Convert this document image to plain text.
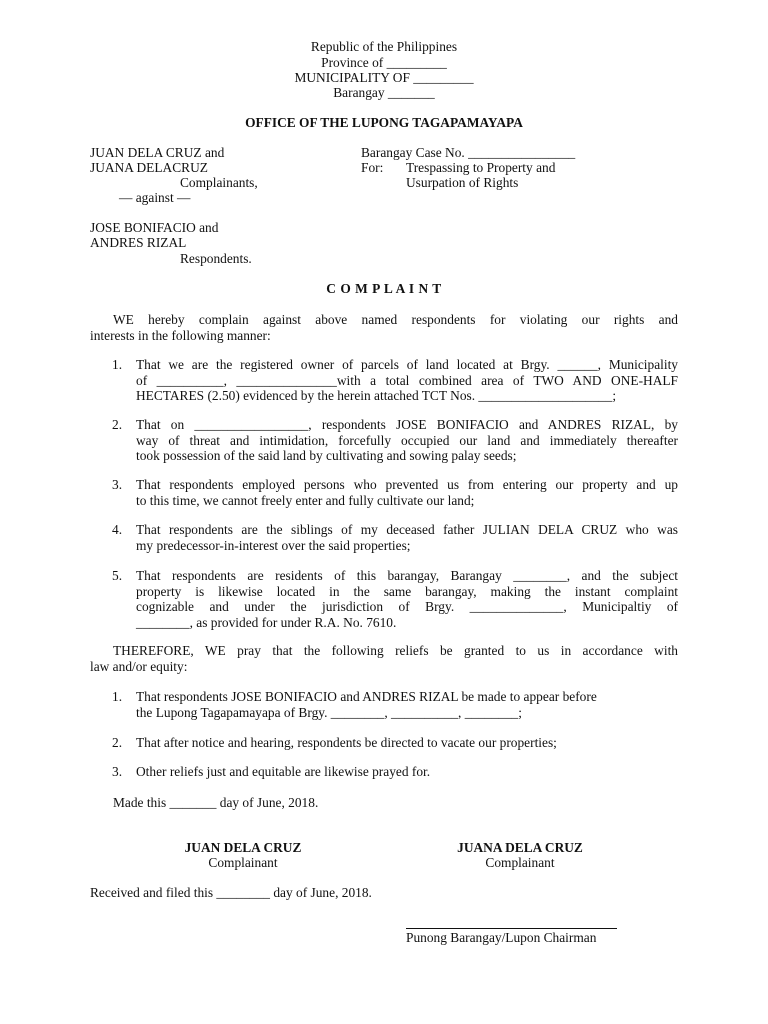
Republic of the Philippines
Province of _________
MUNICIPALITY OF _________
Barangay _______
OFFICE OF THE LUPONG TAGAPAMAYAPA
JUAN DELA CRUZ and
JUANA DELACRUZ
Complainants,
— against —
JOSE BONIFACIO and
ANDRES RIZAL
Respondents.
Barangay Case No. ________________
For: Trespassing to Property and
Usurpation of Rights
C O M P L A I N T
WE hereby complain against above named respondents for violating our rights and
interests in the following manner:
1. That we are the registered owner of parcels of land located at Brgy. ______, Municipality
of __________, _______________with a total combined area of TWO AND ONE-HALF
HECTARES (2.50) evidenced by the herein attached TCT Nos. ____________________;
2. That on _________________, respondents JOSE BONIFACIO and ANDRES RIZAL, by
way of threat and intimidation, forcefully occupied our land and immediately thereafter
took possession of the said land by cultivating and sowing palay seeds;
3. That respondents employed persons who prevented us from entering our property and up
to this time, we cannot freely enter and fully cultivate our land;
4. That respondents are the siblings of my deceased father JULIAN DELA CRUZ who was
my predecessor-in-interest over the said properties;
5. That respondents are residents of this barangay, Barangay ________, and the subject
property is likewise located in the same barangay, making the instant complaint
cognizable and under the jurisdiction of Brgy. ______________, Municipaltiy of
________, as provided for under R.A. No. 7610.
THEREFORE, WE pray that the following reliefs be granted to us in accordance with
law and/or equity:
1. That respondents JOSE BONIFACIO and ANDRES RIZAL be made to appear before
the Lupong Tagapamayapa of Brgy. ________, __________, ________;
2. That after notice and hearing, respondents be directed to vacate our properties;
3. Other reliefs just and equitable are likewise prayed for.
Made this _______ day of June, 2018.
JUAN DELA CRUZ
Complainant
JUANA DELA CRUZ
Complainant
Received and filed this ________ day of June, 2018.
Punong Barangay/Lupon Chairman
